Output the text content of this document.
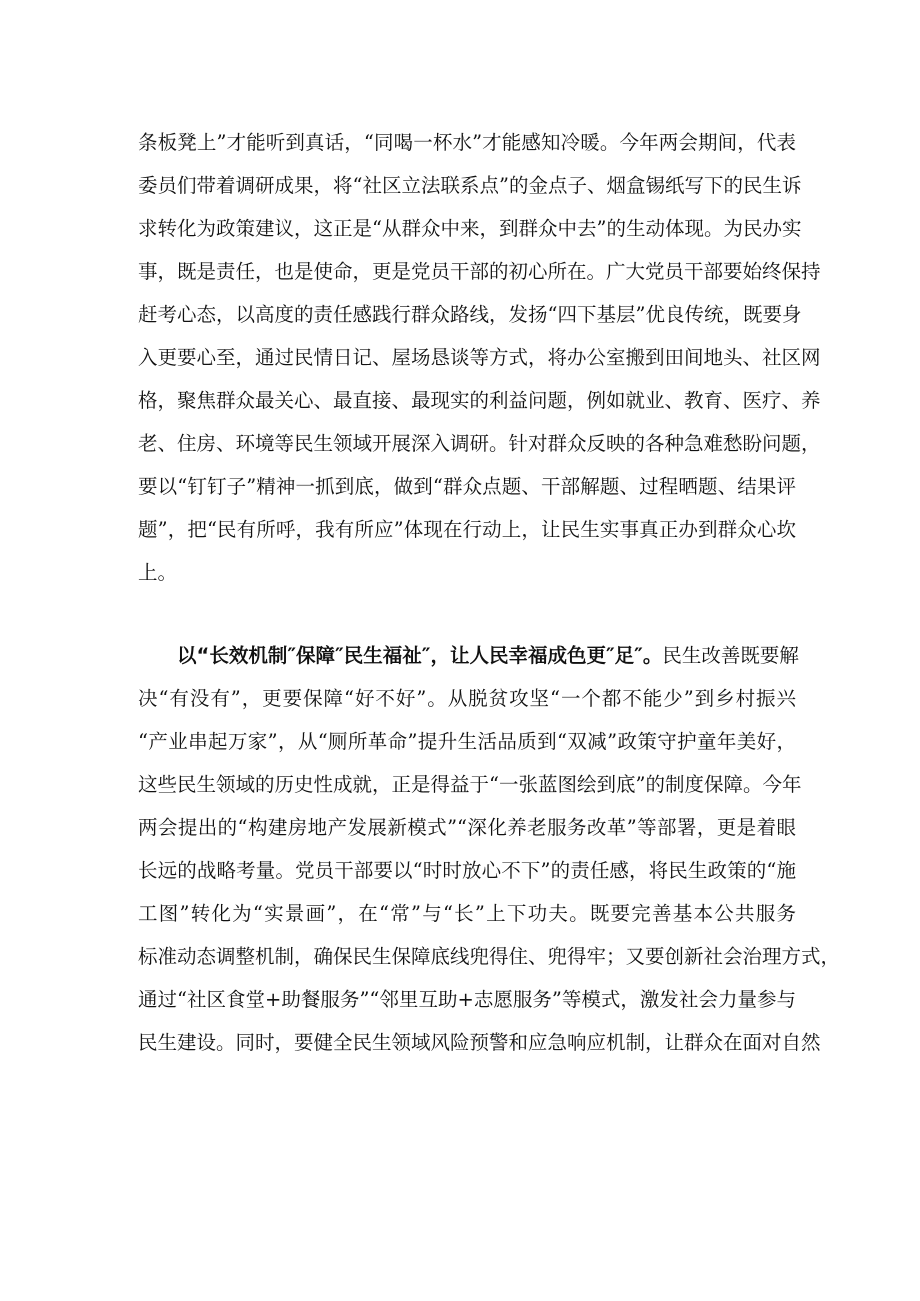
条板凳上”才能听到真话，“同喝一杯水”才能感知冷暖。今年两会期间，代表
委员们带着调研成果，将“社区立法联系点”的金点子、烟盒锡纸写下的民生诉
求转化为政策建议，这正是“从群众中来，到群众中去”的生动体现。为民办实
事，既是责任，也是使命，更是党员干部的初心所在。广大党员干部要始终保持
赶考心态，以高度的责任感践行群众路线，发扬“四下基层”优良传统，既要身
入更要心至，通过民情日记、屋场恳谈等方式，将办公室搬到田间地头、社区网
格，聚焦群众最关心、最直接、最现实的利益问题，例如就业、教育、医疗、养
老、住房、环境等民生领域开展深入调研。针对群众反映的各种急难愁盼问题，
要以“钉钉子”精神一抓到底，做到“群众点题、干部解题、过程晒题、结果评
题”，把“民有所呼，我有所应”体现在行动上，让民生实事真正办到群众心坎
上。
以“长效机制″保障″民生福祉″，让人民幸福成色更″足″。民生改善既要解
决“有没有”，更要保障“好不好”。从脱贫攻坚“一个都不能少”到乡村振兴
“产业串起万家”，从“厕所革命”提升生活品质到“双减”政策守护童年美好，
这些民生领域的历史性成就，正是得益于“一张蓝图绘到底”的制度保障。今年
两会提出的“构建房地产发展新模式”“深化养老服务改革”等部署，更是着眼
长远的战略考量。党员干部要以“时时放心不下”的责任感，将民生政策的“施
工图”转化为“实景画”，在“常”与“长”上下功夫。既要完善基本公共服务
标准动态调整机制，确保民生保障底线兜得住、兜得牢；又要创新社会治理方式，
通过“社区食堂+助餐服务”“邻里互助+志愿服务”等模式，激发社会力量参与
民生建设。同时，要健全民生领域风险预警和应急响应机制，让群众在面对自然
